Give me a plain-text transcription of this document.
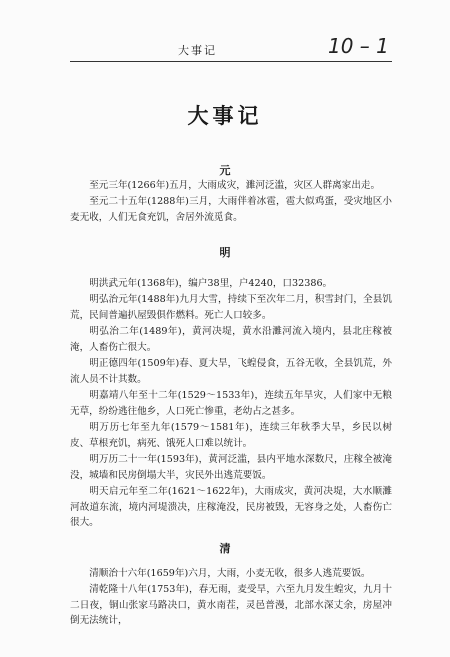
大事记	10 – 1
大事记
元

至元三年(1266年)五月，大雨成灾，濉河泛滥，灾区人群离家出走。

至元二十五年(1288年)三月，大雨伴着冰雹，雹大似鸡蛋，受灾地区小麦无收，人们无食充饥，舍居外流觅食。

明

明洪武元年(1368年)，编户38里，户4240，口32386。

明弘治元年(1488年)九月大雪，持续下至次年二月，积雪封门，全县饥荒，民间普遍扒屋毁俱作燃料。死亡人口较多。

明弘治二年(1489年)，黄河决堤，黄水沿濉河流入境内，县北庄稼被淹，人畜伤亡很大。

明正德四年(1509年)春、夏大旱，飞蝗侵食，五谷无收，全县饥荒，外流人员不计其数。

明嘉靖八年至十二年(1529～1533年)，连续五年旱灾，人们家中无粮无草，纷纷逃往他乡，人口死亡惨重，老幼占之甚多。

明万历七年至九年(1579～1581年)，连续三年秋季大旱，乡民以树皮、草根充饥，病死、饿死人口难以统计。

明万历二十一年(1593年)，黄河泛滥，县内平地水深数尺，庄稼全被淹没，城墙和民房倒塌大半，灾民外出逃荒要饭。

明天启元年至二年(1621～1622年)，大雨成灾，黄河决堤，大水顺濉河故道东流，境内河堤溃决，庄稼淹没，民房被毁，无容身之处，人畜伤亡很大。

清

清顺治十六年(1659年)六月，大雨，小麦无收，很多人逃荒要饭。

清乾隆十八年(1753年)，春无雨，麦受旱，六至九月发生蝗灾，九月十二日夜，铜山张家马路决口，黄水南茬，灵邑普漫，北部水深丈余，房屋冲倒无法统计，
